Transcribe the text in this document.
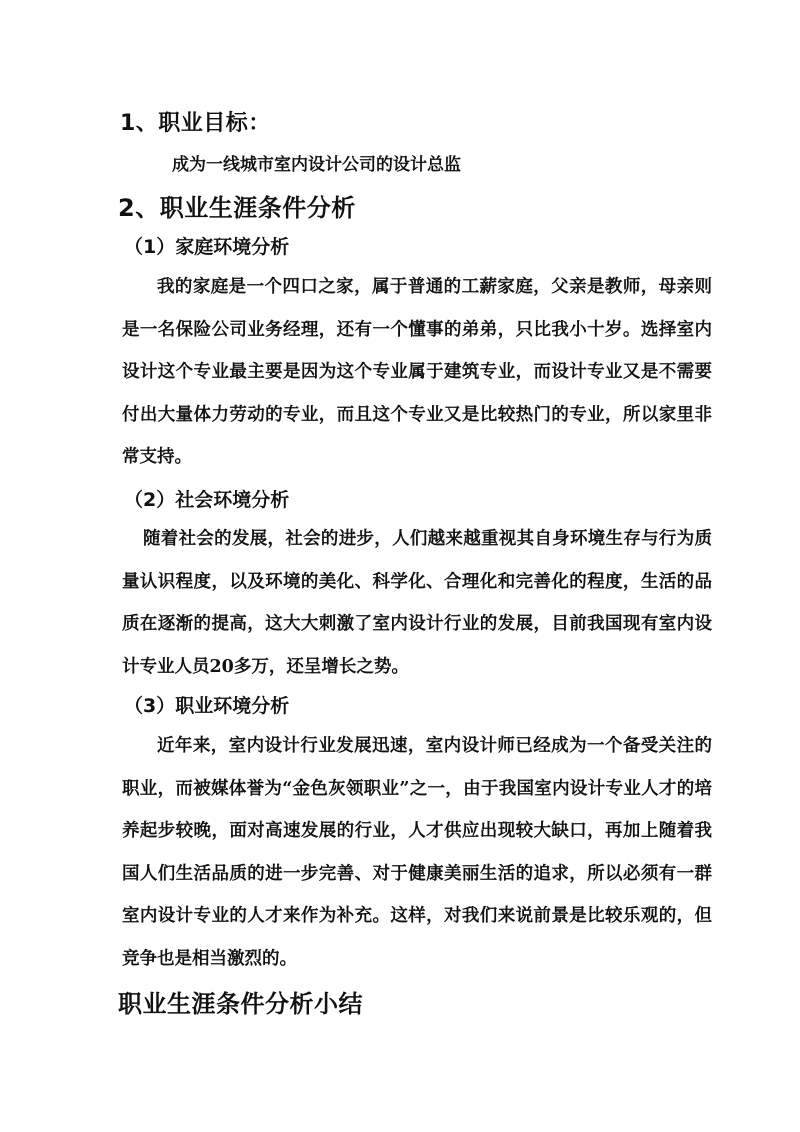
1、职业目标：
成为一线城市室内设计公司的设计总监
2、职业生涯条件分析
（1）家庭环境分析
我的家庭是一个四口之家，属于普通的工薪家庭，父亲是教师，母亲则是一名保险公司业务经理，还有一个懂事的弟弟，只比我小十岁。选择室内设计这个专业最主要是因为这个专业属于建筑专业，而设计专业又是不需要付出大量体力劳动的专业，而且这个专业又是比较热门的专业，所以家里非常支持。
（2）社会环境分析
随着社会的发展，社会的进步，人们越来越重视其自身环境生存与行为质量认识程度，以及环境的美化、科学化、合理化和完善化的程度，生活的品质在逐渐的提高，这大大刺激了室内设计行业的发展，目前我国现有室内设计专业人员20多万，还呈增长之势。
（3）职业环境分析
近年来，室内设计行业发展迅速，室内设计师已经成为一个备受关注的职业，而被媒体誉为“金色灰领职业”之一，由于我国室内设计专业人才的培养起步较晚，面对高速发展的行业，人才供应出现较大缺口，再加上随着我国人们生活品质的进一步完善、对于健康美丽生活的追求，所以必须有一群室内设计专业的人才来作为补充。这样，对我们来说前景是比较乐观的，但竞争也是相当激烈的。
职业生涯条件分析小结
